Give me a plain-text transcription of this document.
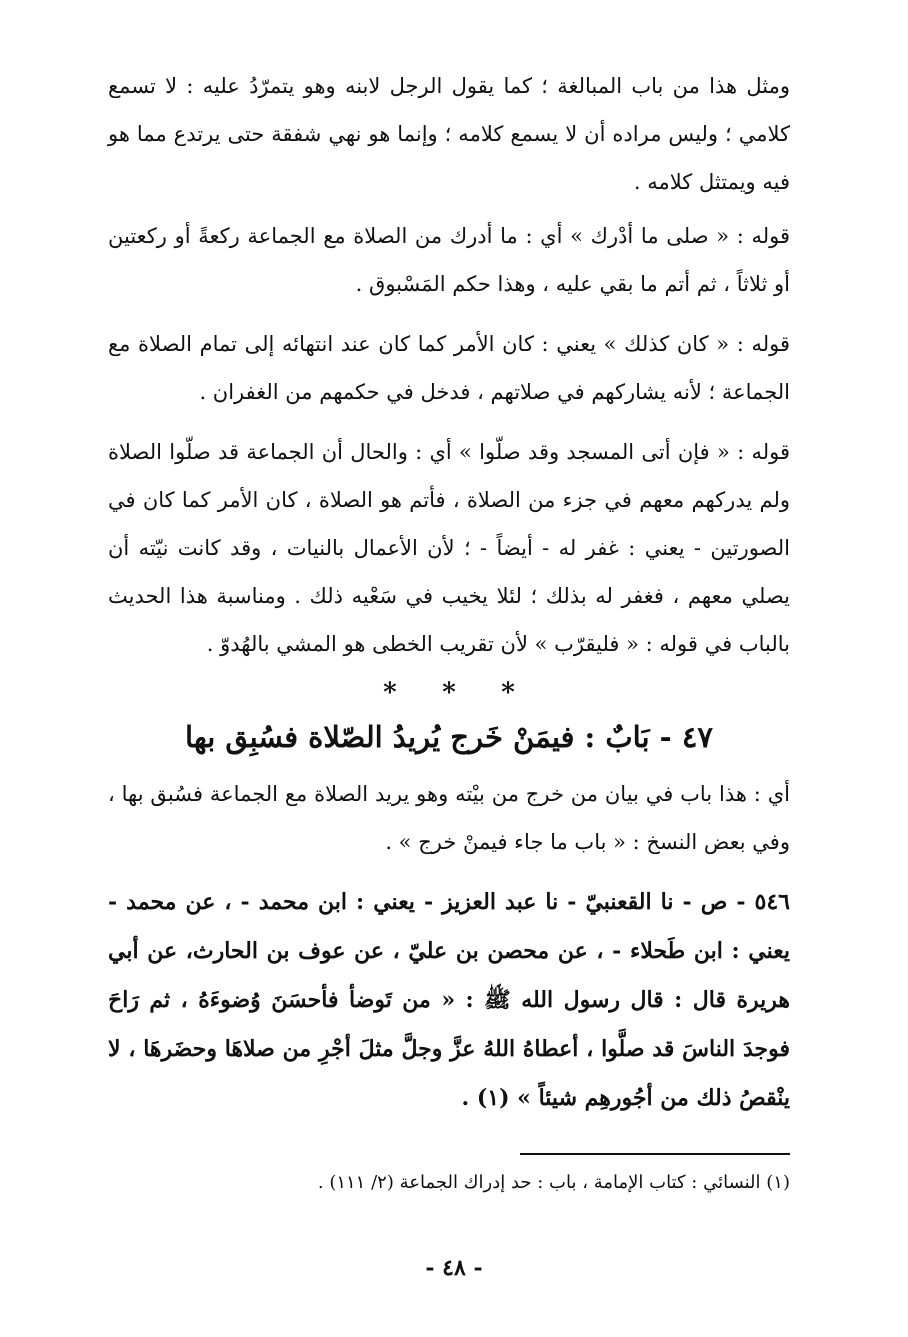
ومثل هذا من باب المبالغة ؛ كما يقول الرجل لابنه وهو يتمرّدُ عليه : لا تسمع كلامي ؛ وليس مراده أن لا يسمع كلامه ؛ وإنما هو نهي شفقة حتى يرتدع مما هو فيه ويمتثل كلامه .

قوله : « صلى ما أدْرك » أي : ما أدرك من الصلاة مع الجماعة ركعةً أو ركعتين أو ثلاثاً ، ثم أتم ما بقي عليه ، وهذا حكم المَسْبوق .

قوله : « كان كذلك » يعني : كان الأمر كما كان عند انتهائه إلى تمام الصلاة مع الجماعة ؛ لأنه يشاركهم في صلاتهم ، فدخل في حكمهم من الغفران .

قوله : « فإن أتى المسجد وقد صلّوا » أي : والحال أن الجماعة قد صلّوا الصلاة ولم يدركهم معهم في جزء من الصلاة ، فأتم هو الصلاة ، كان الأمر كما كان في الصورتين - يعني : غفر له - أيضاً - ؛ لأن الأعمال بالنيات ، وقد كانت نيّته أن يصلي معهم ، فغفر له بذلك ؛ لئلا يخيب في سَعْيه ذلك . ومناسبة هذا الحديث بالباب في قوله : « فليقرّب » لأن تقريب الخطى هو المشي بالهُدوّ .

* * *
٤٧ - بَابٌ : فيمَنْ خَرج يُريدُ الصّلاة فسُبِق بها

أي : هذا باب في بيان من خرج من بيْته وهو يريد الصلاة مع الجماعة فسُبق بها ، وفي بعض النسخ : « باب ما جاء فيمنْ خرج » .

٥٤٦ - ص - نا القعنبيّ - نا عبد العزيز - يعني : ابن محمد - ، عن محمد - يعني : ابن طَحلاء - ، عن محصن بن عليّ ، عن عوف بن الحارث، عن أبي هريرة قال : قال رسول الله ﷺ : « من تَوضأ فأحسَنَ وُضوءَهُ ، ثم رَاحَ فوجدَ الناسَ قد صلَّوا ، أعطاهُ اللهُ عزَّ وجلَّ مثلَ أجْرِ من صلاهَا وحضَرهَا ، لا ينْقصُ ذلك من أجُورهِم شيئاً » (١) .

(١) النسائي : كتاب الإمامة ، باب : حد إدراك الجماعة (٢/ ١١١) .
- ٤٨ -
